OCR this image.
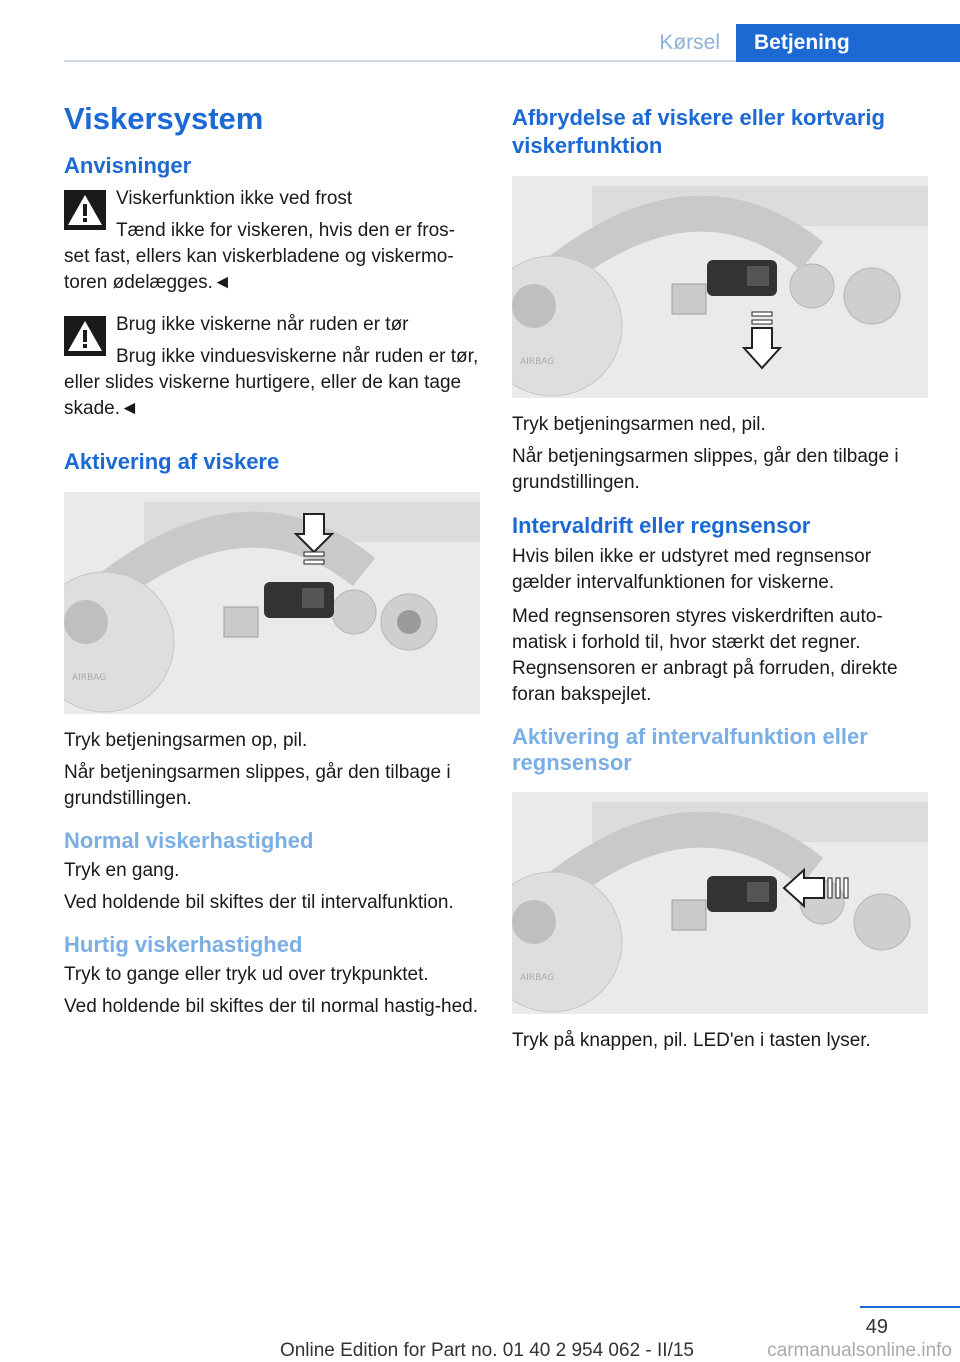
Kørsel	Betjening
Viskersystem
Anvisninger

Viskerfunktion ikke ved frost

Tænd ikke for viskeren, hvis den er fros-set fast, ellers kan viskerbladene og viskermo-toren ødelægges.◄

Brug ikke viskerne når ruden er tør

Brug ikke vinduesviskerne når ruden er tør, eller slides viskerne hurtigere, eller de kan tage skade.◄

Aktivering af viskere
AIRBAG

Tryk betjeningsarmen op, pil.

Når betjeningsarmen slippes, går den tilbage i grundstillingen.

Normal viskerhastighed

Tryk en gang.

Ved holdende bil skiftes der til intervalfunktion.

Hurtig viskerhastighed

Tryk to gange eller tryk ud over trykpunktet.

Ved holdende bil skiftes der til normal hastig-hed.

Afbrydelse af viskere eller kortvarig viskerfunktion
AIRBAG

Tryk betjeningsarmen ned, pil.

Når betjeningsarmen slippes, går den tilbage i grundstillingen.

Intervaldrift eller regnsensor

Hvis bilen ikke er udstyret med regnsensor gælder intervalfunktionen for viskerne.

Med regnsensoren styres viskerdriften auto-matisk i forhold til, hvor stærkt det regner. Regnsensoren er anbragt på forruden, direkte foran bakspejlet.

Aktivering af intervalfunktion eller regnsensor
AIRBAG

Tryk på knappen, pil. LED'en i tasten lyser.

49
Online Edition for Part no. 01 40 2 954 062 - II/15	carmanualsonline.info
